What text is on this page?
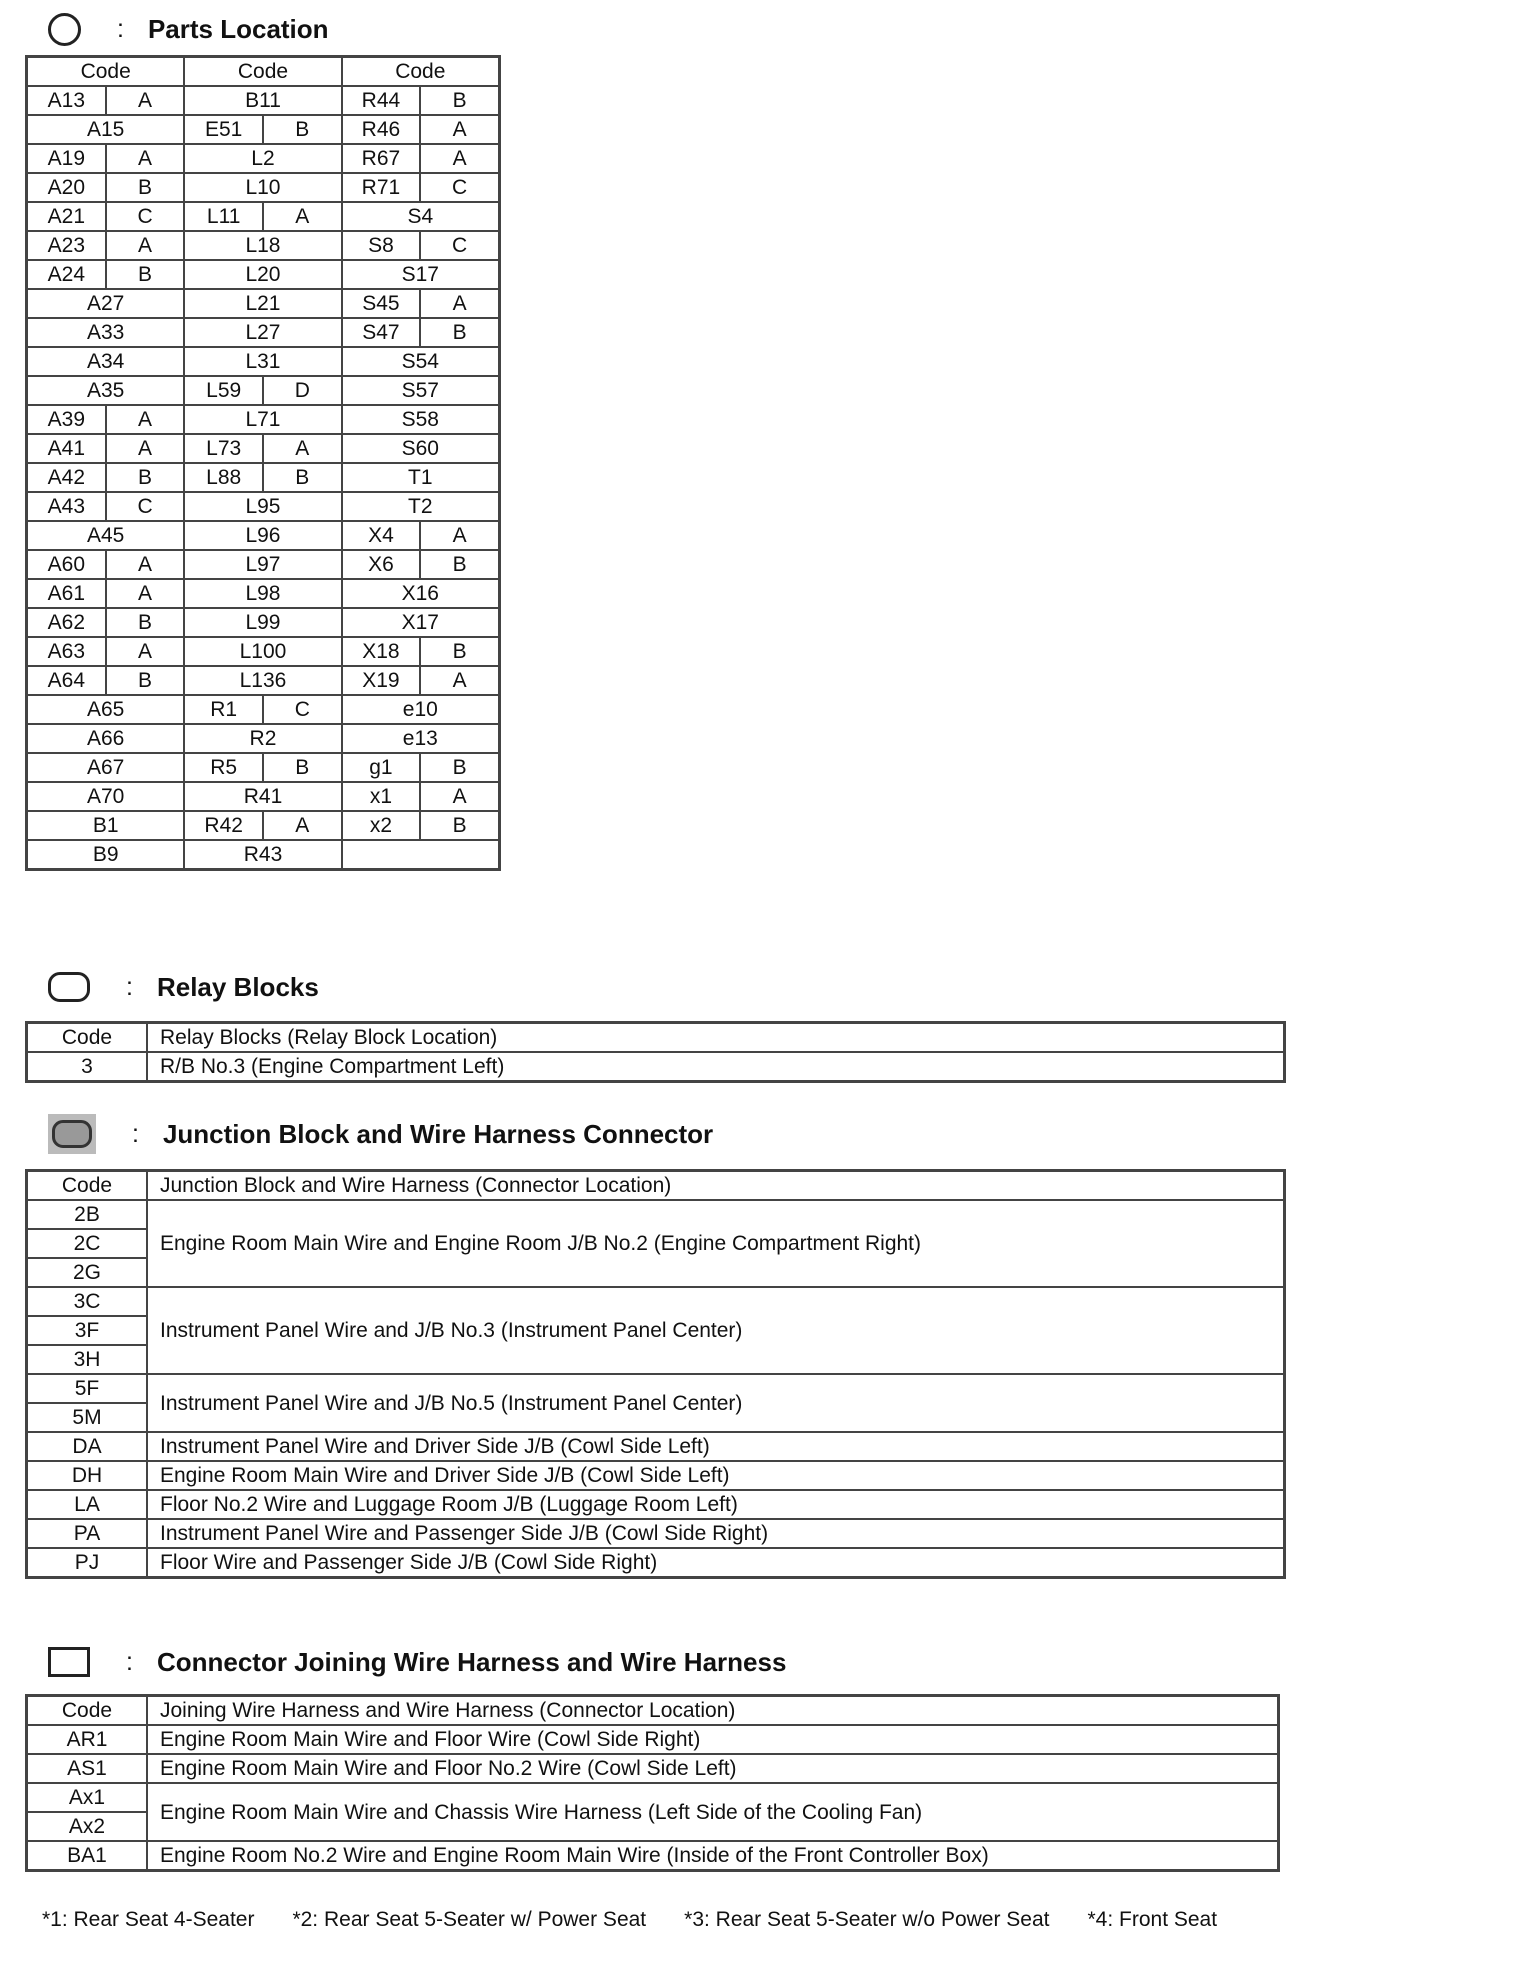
: Parts Location
Code		Code		Code	
A13	A	B11		R44	B
A15		E51	B	R46	A
A19	A	L2		R67	A
A20	B	L10		R71	C
A21	C	L11	A	S4	
A23	A	L18		S8	C
A24	B	L20		S17	
A27		L21		S45	A
A33		L27		S47	B
A34		L31		S54	
A35		L59	D	S57	
A39	A	L71		S58	
A41	A	L73	A	S60	
A42	B	L88	B	T1	
A43	C	L95		T2	
A45		L96		X4	A
A60	A	L97		X6	B
A61	A	L98		X16	
A62	B	L99		X17	
A63	A	L100		X18	B
A64	B	L136		X19	A
A65		R1	C	e10	
A66		R2		e13	
A67		R5	B	g1	B
A70		R41		x1	A
B1		R42	A	x2	B
B9		R43			
: Relay Blocks
Code	Relay Blocks (Relay Block Location)
3	R/B No.3 (Engine Compartment Left)
: Junction Block and Wire Harness Connector
Code	Junction Block and Wire Harness (Connector Location)
2B	Engine Room Main Wire and Engine Room J/B No.2 (Engine Compartment Right)
2C	
2G	
3C	Instrument Panel Wire and J/B No.3 (Instrument Panel Center)
3F	
3H	
5F	Instrument Panel Wire and J/B No.5 (Instrument Panel Center)
5M	
DA	Instrument Panel Wire and Driver Side J/B (Cowl Side Left)
DH	Engine Room Main Wire and Driver Side J/B (Cowl Side Left)
LA	Floor No.2 Wire and Luggage Room J/B (Luggage Room Left)
PA	Instrument Panel Wire and Passenger Side J/B (Cowl Side Right)
PJ	Floor Wire and Passenger Side J/B (Cowl Side Right)
: Connector Joining Wire Harness and Wire Harness
Code	Joining Wire Harness and Wire Harness (Connector Location)
AR1	Engine Room Main Wire and Floor Wire (Cowl Side Right)
AS1	Engine Room Main Wire and Floor No.2 Wire (Cowl Side Left)
Ax1	Engine Room Main Wire and Chassis Wire Harness (Left Side of the Cooling Fan)
Ax2	
BA1	Engine Room No.2 Wire and Engine Room Main Wire (Inside of the Front Controller Box)
*1: Rear Seat 4-Seater *2: Rear Seat 5-Seater w/ Power Seat *3: Rear Seat 5-Seater w/o Power Seat *4: Front Seat
